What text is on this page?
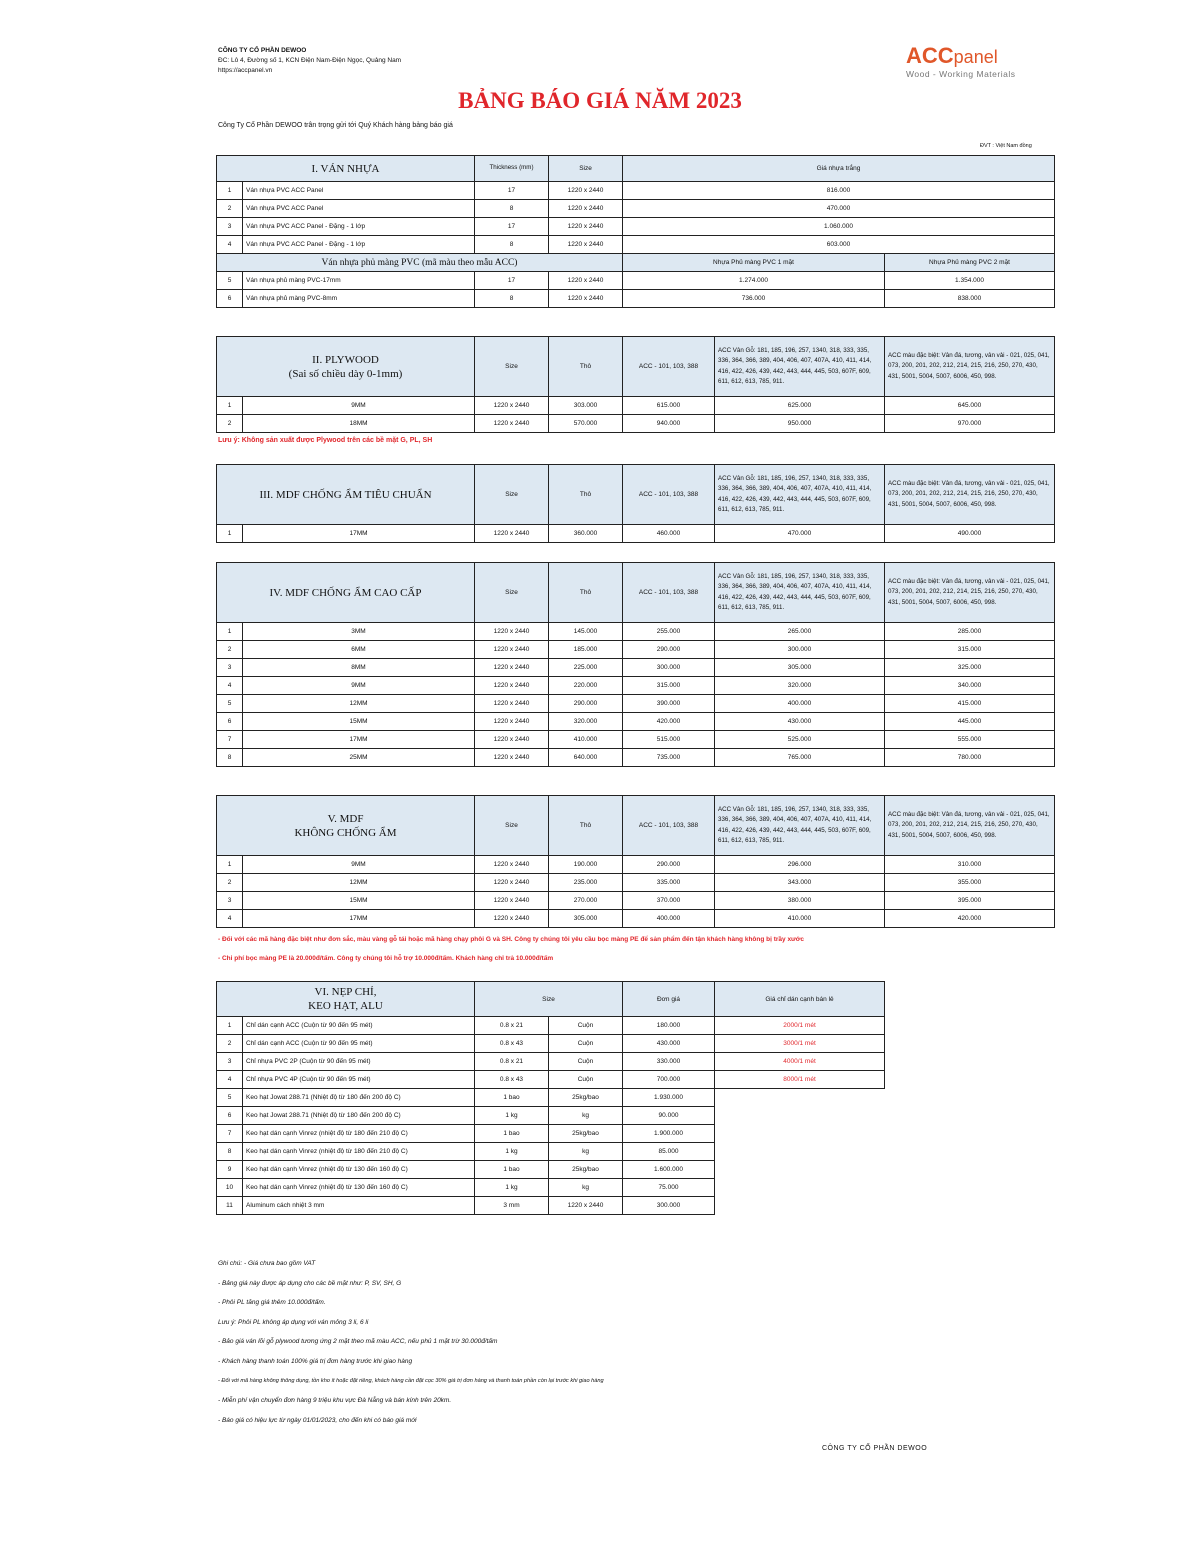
CÔNG TY CỔ PHẦN DEWOO
ĐC: Lô 4, Đường số 1, KCN Điện Nam-Điện Ngọc, Quảng Nam
https://accpanel.vn
ACCpanel
Wood - Working Materials
BẢNG BÁO GIÁ NĂM 2023
Công Ty Cổ Phần DEWOO trân trọng gửi tới Quý Khách hàng bảng báo giá
ĐVT : Việt Nam đồng
I. VÁN NHỰA		Thickness (mm)	Size	Giá nhựa trắng	
1	Ván nhựa PVC ACC Panel	17	1220 x 2440	816.000	
2	Ván nhựa PVC ACC Panel	8	1220 x 2440	470.000	
3	Ván nhựa PVC ACC Panel - Đặng - 1 lớp	17	1220 x 2440	1.060.000	
4	Ván nhựa PVC ACC Panel - Đặng - 1 lớp	8	1220 x 2440	603.000	
Ván nhựa phủ màng PVC (mã màu theo mẫu ACC)				Nhựa Phủ màng PVC 1 mặt	Nhựa Phủ màng PVC 2 mặt
5	Ván nhựa phủ màng PVC-17mm	17	1220 x 2440	1.274.000	1.354.000
6	Ván nhựa phủ màng PVC-8mm	8	1220 x 2440	736.000	838.000
II. PLYWOOD
(Sai số chiều dày 0-1mm)		Size	Thô	ACC - 101, 103, 388	ACC Vân Gỗ: 181, 185, 196, 257, 1340, 318, 333, 335, 336, 364, 366, 389, 404, 406, 407, 407A, 410, 411, 414, 416, 422, 426, 439, 442, 443, 444, 445, 503, 607F, 609, 611, 612, 613, 785, 911.	ACC màu đặc biệt: Vân đá, tương, vân vải - 021, 025, 041, 073, 200, 201, 202, 212, 214, 215, 216, 250, 270, 430, 431, 5001, 5004, 5007, 6006, 450, 998.
1	9MM	1220 x 2440	303.000	615.000	625.000	645.000
2	18MM	1220 x 2440	570.000	940.000	950.000	970.000
Lưu ý: Không sản xuất được Plywood trên các bề mặt G, PL, SH
III. MDF CHỐNG ẨM TIÊU CHUẨN		Size	Thô	ACC - 101, 103, 388	ACC Vân Gỗ: 181, 185, 196, 257, 1340, 318, 333, 335, 336, 364, 366, 389, 404, 406, 407, 407A, 410, 411, 414, 416, 422, 426, 439, 442, 443, 444, 445, 503, 607F, 609, 611, 612, 613, 785, 911.	ACC màu đặc biệt: Vân đá, tương, vân vải - 021, 025, 041, 073, 200, 201, 202, 212, 214, 215, 216, 250, 270, 430, 431, 5001, 5004, 5007, 6006, 450, 998.
1	17MM	1220 x 2440	360.000	460.000	470.000	490.000
IV. MDF CHỐNG ẨM CAO CẤP		Size	Thô	ACC - 101, 103, 388	ACC Vân Gỗ: 181, 185, 196, 257, 1340, 318, 333, 335, 336, 364, 366, 389, 404, 406, 407, 407A, 410, 411, 414, 416, 422, 426, 439, 442, 443, 444, 445, 503, 607F, 609, 611, 612, 613, 785, 911.	ACC màu đặc biệt: Vân đá, tương, vân vải - 021, 025, 041, 073, 200, 201, 202, 212, 214, 215, 216, 250, 270, 430, 431, 5001, 5004, 5007, 6006, 450, 998.
1	3MM	1220 x 2440	145.000	255.000	265.000	285.000
2	6MM	1220 x 2440	185.000	290.000	300.000	315.000
3	8MM	1220 x 2440	225.000	300.000	305.000	325.000
4	9MM	1220 x 2440	220.000	315.000	320.000	340.000
5	12MM	1220 x 2440	290.000	390.000	400.000	415.000
6	15MM	1220 x 2440	320.000	420.000	430.000	445.000
7	17MM	1220 x 2440	410.000	515.000	525.000	555.000
8	25MM	1220 x 2440	640.000	735.000	765.000	780.000
V. MDF
KHÔNG CHỐNG ẨM		Size	Thô	ACC - 101, 103, 388	ACC Vân Gỗ: 181, 185, 196, 257, 1340, 318, 333, 335, 336, 364, 366, 389, 404, 406, 407, 407A, 410, 411, 414, 416, 422, 426, 439, 442, 443, 444, 445, 503, 607F, 609, 611, 612, 613, 785, 911.	ACC màu đặc biệt: Vân đá, tương, vân vải - 021, 025, 041, 073, 200, 201, 202, 212, 214, 215, 216, 250, 270, 430, 431, 5001, 5004, 5007, 6006, 450, 998.
1	9MM	1220 x 2440	190.000	290.000	296.000	310.000
2	12MM	1220 x 2440	235.000	335.000	343.000	355.000
3	15MM	1220 x 2440	270.000	370.000	380.000	395.000
4	17MM	1220 x 2440	305.000	400.000	410.000	420.000
- Đối với các mã hàng đặc biệt như đơn sắc, màu vàng gỗ tái hoặc mã hàng chạy phôi G và SH. Công ty chúng tôi yêu cầu bọc màng PE để sản phẩm đến tận khách hàng không bị trầy xước
- Chi phí bọc màng PE là 20.000đ/tấm. Công ty chúng tôi hỗ trợ 10.000đ/tấm. Khách hàng chỉ trả 10.000đ/tấm
VI. NẸP CHỈ,
KEO HẠT, ALU		Size		Đơn giá	Giá chỉ dán cạnh bán lẻ
1	Chỉ dán cạnh ACC (Cuộn từ 90 đến 95 mét)	0.8 x 21	Cuộn	180.000	2000/1 mét
2	Chỉ dán cạnh ACC (Cuộn từ 90 đến 95 mét)	0.8 x 43	Cuộn	430.000	3000/1 mét
3	Chỉ nhựa PVC 2P (Cuộn từ 90 đến 95 mét)	0.8 x 21	Cuộn	330.000	4000/1 mét
4	Chỉ nhựa PVC 4P (Cuộn từ 90 đến 95 mét)	0.8 x 43	Cuộn	700.000	8000/1 mét
5	Keo hạt Jowat 288.71 (Nhiệt độ từ 180 đến 200 độ C)	1 bao	25kg/bao	1.930.000	
6	Keo hạt Jowat 288.71 (Nhiệt độ từ 180 đến 200 độ C)	1 kg	kg	90.000	
7	Keo hạt dán cạnh Vinrez (nhiệt độ từ 180 đến 210 độ C)	1 bao	25kg/bao	1.900.000	
8	Keo hạt dán cạnh Vinrez (nhiệt độ từ 180 đến 210 độ C)	1 kg	kg	85.000	
9	Keo hạt dán cạnh Vinrez (nhiệt độ từ 130 đến 160 độ C)	1 bao	25kg/bao	1.600.000	
10	Keo hạt dán cạnh Vinrez (nhiệt độ từ 130 đến 160 độ C)	1 kg	kg	75.000	
11	Aluminum cách nhiệt 3 mm	3 mm	1220 x 2440	300.000	
Ghi chú: - Giá chưa bao gồm VAT
- Bảng giá này được áp dụng cho các bề mặt như: P, SV, SH, G
- Phôi PL tăng giá thêm 10.000đ/tấm.
Lưu ý: Phôi PL không áp dụng với ván mỏng 3 li, 6 li
- Bảo giá ván lõi gỗ plywood tương ứng 2 mặt theo mã màu ACC, nếu phủ 1 mặt trừ 30.000đ/tấm
- Khách hàng thanh toán 100% giá trị đơn hàng trước khi giao hàng
- Đối với mã hàng không thông dụng, tồn kho ít hoặc đặt riêng, khách hàng cần đặt cọc 30% giá trị đơn hàng và thanh toán phần còn lại trước khi giao hàng
- Miễn phí vận chuyển đơn hàng 9 triệu khu vực Đà Nẵng và bán kính trên 20km.
- Báo giá có hiệu lực từ ngày 01/01/2023, cho đến khi có báo giá mới
CÔNG TY CỔ PHẦN DEWOO
